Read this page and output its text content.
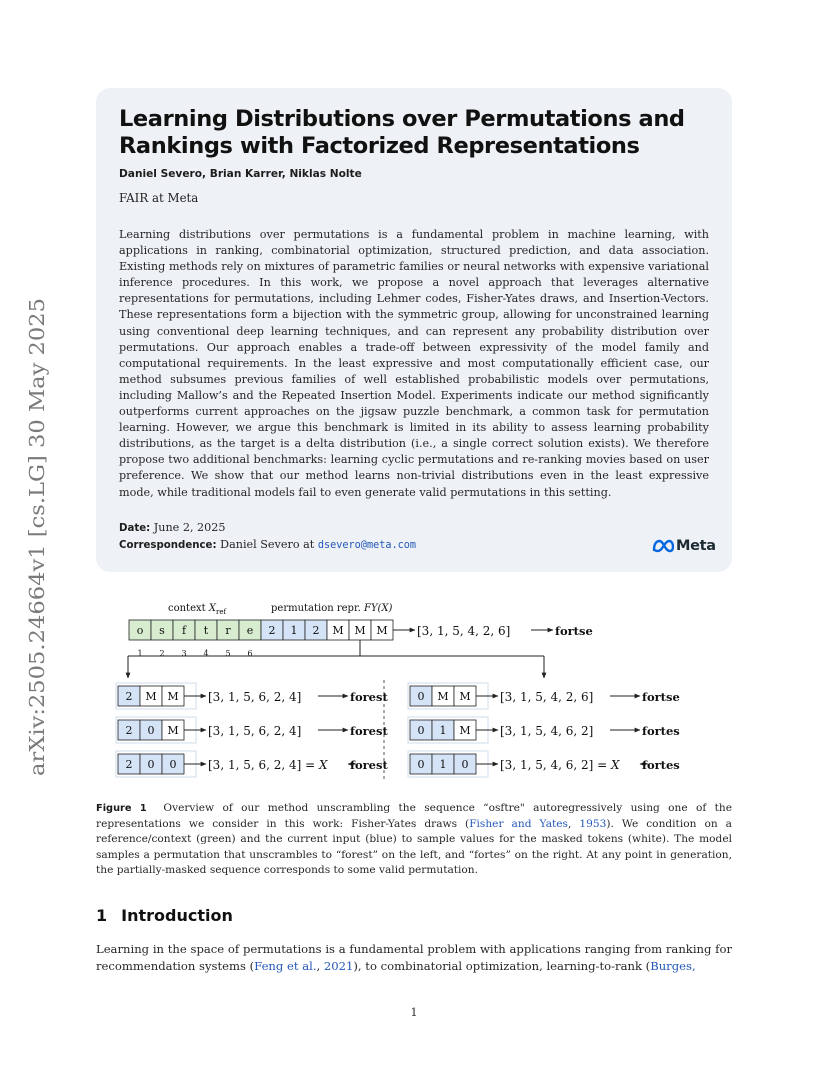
arXiv:2505.24664v1 [cs.LG] 30 May 2025
Learning Distributions over Permutations and
Rankings with Factorized Representations
Daniel Severo, Brian Karrer, Niklas Nolte
FAIR at Meta

Learning distributions over permutations is a fundamental problem in machine learning, with applications in ranking, combinatorial optimization, structured prediction, and data association. Existing methods rely on mixtures of parametric families or neural networks with expensive variational inference procedures. In this work, we propose a novel approach that leverages alternative representations for permutations, including Lehmer codes, Fisher-Yates draws, and Insertion-Vectors. These representations form a bijection with the symmetric group, allowing for unconstrained learning using conventional deep learning techniques, and can represent any probability distribution over permutations. Our approach enables a trade-off between expressivity of the model family and computational requirements. In the least expressive and most computationally efficient case, our method subsumes previous families of well established probabilistic models over permutations, including Mallow’s and the Repeated Insertion Model. Experiments indicate our method significantly outperforms current approaches on the jigsaw puzzle benchmark, a common task for permutation learning. However, we argue this benchmark is limited in its ability to assess learning probability distributions, as the target is a delta distribution (i.e., a single correct solution exists). We therefore propose two additional benchmarks: learning cyclic permutations and re-ranking movies based on user preference. We show that our method learns non-trivial distributions even in the least expressive mode, while traditional models fail to even generate valid permutations in this setting.

Date: June 2, 2025
Correspondence: Daniel Severo at dsevero@meta.com	Meta
context $X_{ref}$	permutation repr. FY(X)
o s f t r e 2 1 2 M M M
1 2 3 4 5 6
[3, 1, 5, 4, 2, 6]	fortse
2 M M [3, 1, 5, 6, 2, 4]	forest
2 0 M [3, 1, 5, 6, 2, 4]	forest
2 0 0	[3, 1, 5, 6, 2, 4] = X forest
0 M M [3, 1, 5, 4, 2, 6]	fortse
0 1 M [3, 1, 5, 4, 6, 2]	fortes
0 1 0	[3, 1, 5, 4, 6, 2] = X fortes

Figure 1 Overview of our method unscrambling the sequence “osftre" autoregressively using one of the representations we consider in this work: Fisher-Yates draws (Fisher and Yates, 1953). We condition on a reference/context (green) and the current input (blue) to sample values for the masked tokens (white). The model samples a permutation that unscrambles to “forest” on the left, and “fortes” on the right. At any point in generation, the partially-masked sequence corresponds to some valid permutation.

1 Introduction

Learning in the space of permutations is a fundamental problem with applications ranging from ranking for recommendation systems (Feng et al., 2021), to combinatorial optimization, learning-to-rank (Burges,

1
